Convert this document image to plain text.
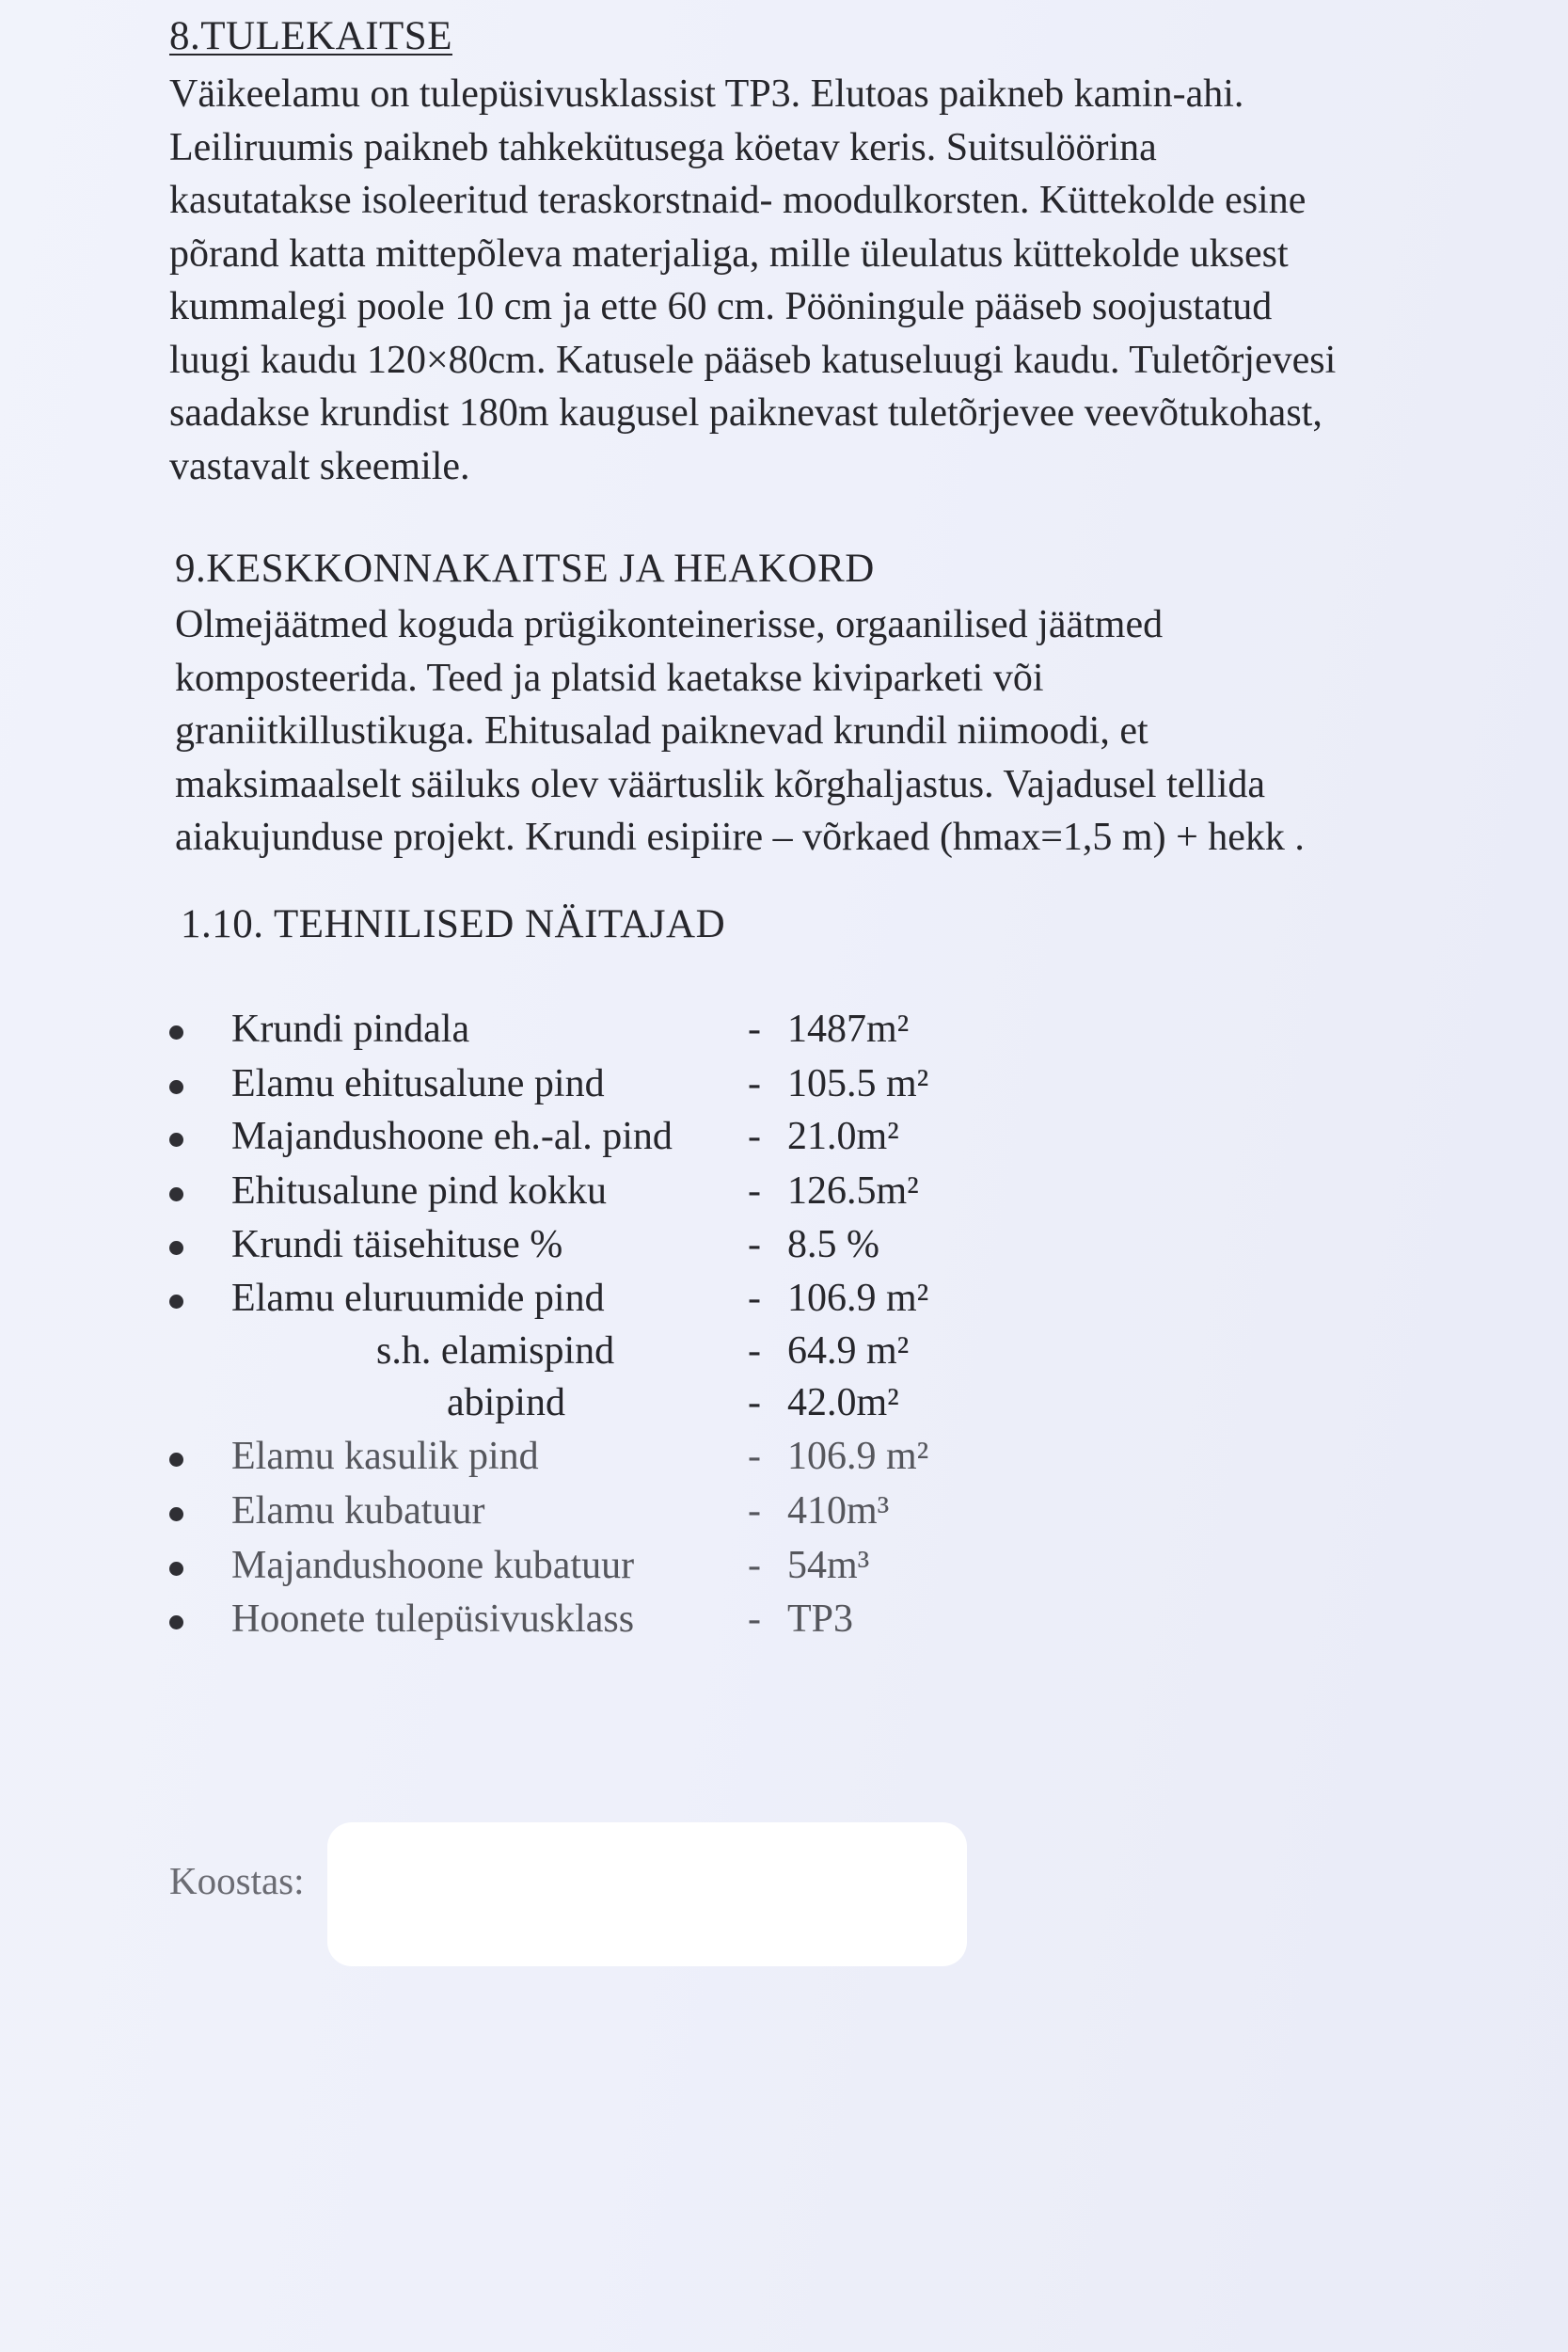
8.TULEKAITSE
Väikeelamu on tulepüsivusklassist TP3. Elutoas paikneb kamin-ahi.
Leiliruumis paikneb tahkekütusega köetav keris. Suitsulöörina
kasutatakse isoleeritud teraskorstnaid- moodulkorsten. Küttekolde esine
põrand katta mittepõleva materjaliga, mille üleulatus küttekolde uksest
kummalegi poole 10 cm ja ette 60 cm. Pööningule pääseb soojustatud
luugi kaudu 120×80cm. Katusele pääseb katuseluugi kaudu. Tuletõrjevesi
saadakse krundist 180m kaugusel paiknevast tuletõrjevee veevõtukohast,
vastavalt skeemile.
9.KESKKONNAKAITSE JA HEAKORD
Olmejäätmed koguda prügikonteinerisse, orgaanilised jäätmed
komposteerida. Teed ja platsid kaetakse kiviparketi või
graniitkillustikuga. Ehitusalad paiknevad krundil niimoodi, et
maksimaalselt säiluks olev väärtuslik kõrghaljastus. Vajadusel tellida
aiakujunduse projekt. Krundi esipiire – võrkaed (hmax=1,5 m) + hekk .
1.10. TEHNILISED NÄITAJAD
Krundi pindala	- 1487m²
Elamu ehitusalune pind	- 105.5 m²
Majandushoone eh.-al. pind - 21.0m²
Ehitusalune pind kokku	- 126.5m²
Krundi täisehituse %	- 8.5 %
Elamu eluruumide pind	- 106.9 m²
s.h. elamispind	- 64.9 m²
abipind	- 42.0m²
Elamu kasulik pind	- 106.9 m²
Elamu kubatuur	- 410m³
Majandushoone kubatuur	- 54m³
Hoonete tulepüsivusklass	- TP3
Koostas:
